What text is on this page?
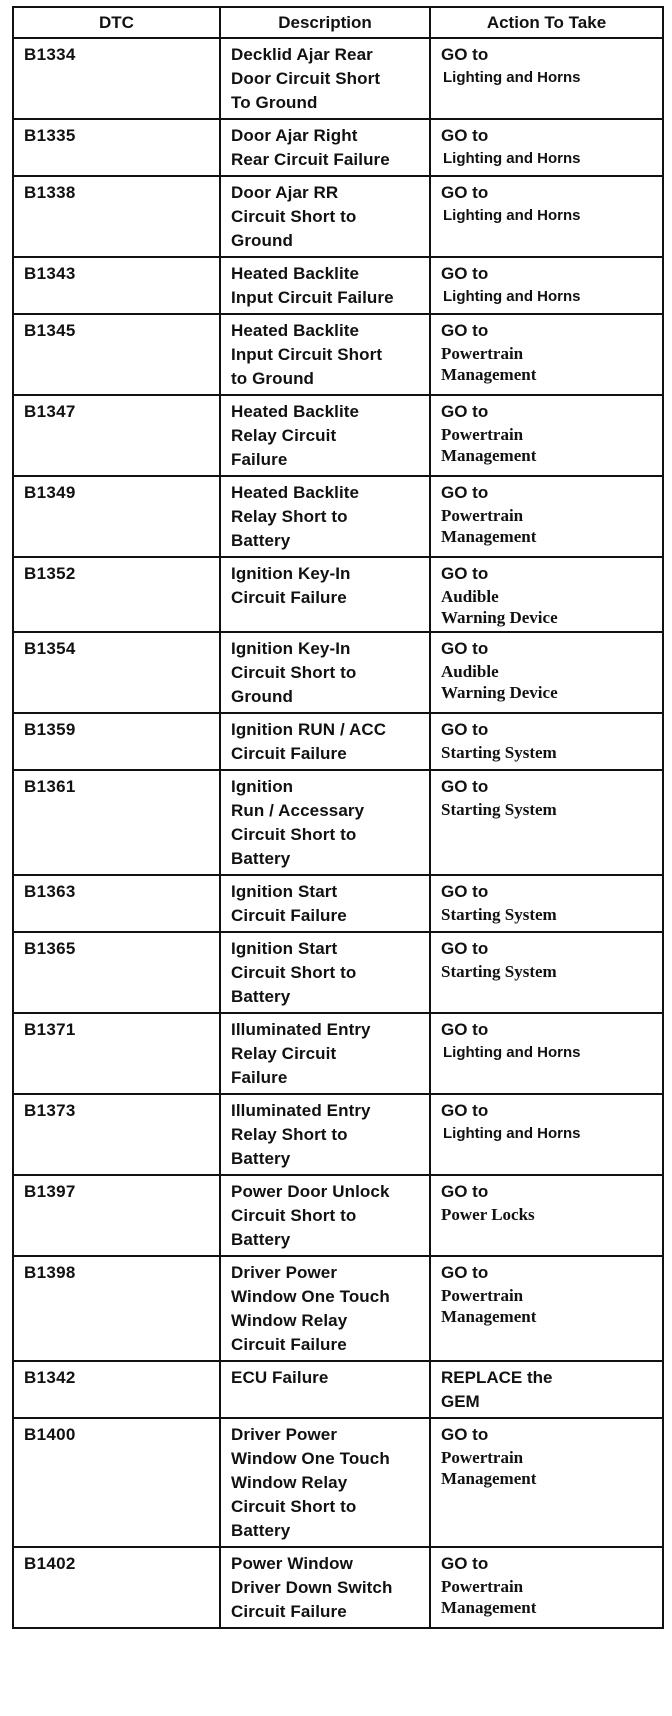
DTC	Description	Action To Take
B1334	Decklid Ajar Rear
Door Circuit Short
To Ground	GO to
Lighting and Horns

B1335	Door Ajar Right
Rear Circuit Failure	GO to
Lighting and Horns

B1338	Door Ajar RR
Circuit Short to
Ground	GO to
Lighting and Horns

B1343	Heated Backlite
Input Circuit Failure	GO to
Lighting and Horns

B1345	Heated Backlite
Input Circuit Short
to Ground	GO to
Powertrain
Management

B1347	Heated Backlite
Relay Circuit
Failure	GO to
Powertrain
Management

B1349	Heated Backlite
Relay Short to
Battery	GO to
Powertrain
Management

B1352	Ignition Key-In
Circuit Failure	GO to
Audible
Warning Device

B1354	Ignition Key-In
Circuit Short to
Ground	GO to
Audible
Warning Device

B1359	Ignition RUN / ACC
Circuit Failure	GO to
Starting System

B1361	Ignition
Run / Accessary
Circuit Short to
Battery	GO to
Starting System

B1363	Ignition Start
Circuit Failure	GO to
Starting System

B1365	Ignition Start
Circuit Short to
Battery	GO to
Starting System

B1371	Illuminated Entry
Relay Circuit
Failure	GO to
Lighting and Horns

B1373	Illuminated Entry
Relay Short to
Battery	GO to
Lighting and Horns

B1397	Power Door Unlock
Circuit Short to
Battery	GO to
Power Locks

B1398	Driver Power
Window One Touch
Window Relay
Circuit Failure	GO to
Powertrain
Management

B1342	ECU Failure	REPLACE the
GEM

B1400	Driver Power
Window One Touch
Window Relay
Circuit Short to
Battery	GO to
Powertrain
Management

B1402	Power Window
Driver Down Switch
Circuit Failure	GO to
Powertrain
Management
